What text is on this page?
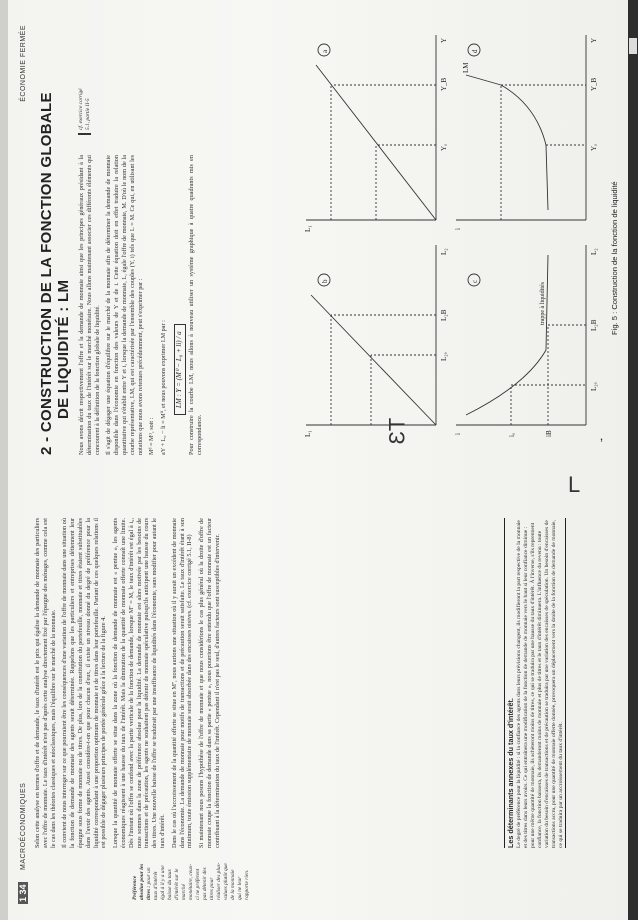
1 34
MACROÉCONOMIQUES
Préférence absolue pour les titres : pour un taux d'intérêt égal à il y a une baisse du taux d'intérêt sur le marché monétaire, ceux-ci ne préfèrent pas détenir des titres pour réaliser des plus-values plutôt que de la monnaie qui ne leur rapporte rien.

Selon cette analyse en termes d'offre et de demande, le taux d'intérêt est le prix qui égalise la demande de monnaie des particuliers avec l'offre de monnaie. Le taux d'intérêt n'est pas d'après cette analyse directement fixé par l'épargne des ménages, comme cela est le cas dans les théories classiques et néoclassiques, mais l'équilibre sur le marché de la monnaie. Il convient de nous interroger sur ce que pourraient être les conséquences d'une variation de l'offre de monnaie dans une situation où la fonction de demande de monnaie des agents serait déterminée. Rappelons que les particuliers et entreprises détiennent leur épargne sous forme de monnaie ou de titres. De plus, lors de la constitution du portefeuille, monnaie et titres étaient substituables dans l'avoir des agents. Aussi considère-t-on que pour chacun d'eux, il existe un niveau donné du degré de préférence pour la liquidité correspondant à une proportion optimum de monnaie et de titres dans leur portefeuille. Partant de ces quelques relations il est possible de dégager plusieurs principes de portée générale grâce à la lecture de la figure 4. Lorsque la quantité de monnaie offerte se situe dans la zone où la fonction de demande de monnaie est « pentue », les agents économiques réagissent à une hausse du taux de l'intérêt. Mais la diminution de la quantité de monnaie offerte connaît une limite. Dès l'instant où l'offre se confond avec la partie verticale de la fonction de demande, lorsque M'' = M, le taux d'intérêt est égal à i₀, nous sommes dans la zone de préférence absolue pour la liquidité. La demande de monnaie est alors motivée par les besoins de transactions et de précaution, les agents ne souhaitent pas détenir de monnaie spéculative puisqu'ils anticipent une hausse du cours des titres. Une nouvelle baisse de l'offre se traduirait par une insuffisance de liquidités dans l'économie, sans modifier pour autant le taux d'intérêt. Dans le cas où l'accroissement de la quantité offerte se situe en M'', nous aurions une situation où il y aurait un excédent de monnaie dans l'économie. La demande de monnaie pour motifs de transactions et de précaution serait satisfaite. Le taux d'intérêt étant à son minimum, toute émission supplémentaire de monnaie serait absorbée dans des encaisses oisives. (cf. exercice corrigé 5.1, II-8) Si maintenant nous posons l'hypothèse de l'offre de monnaie et que nous considérions le cas plus général où la droite d'offre de monnaie coupe la fonction de demande dans sa partie « pentue », nous pourrions être entendu que l'offre de monnaie est un facteur contribuant à la détermination du taux de l'intérêt. Cependant il n'est pas le seul, d'autres facteurs sont susceptibles d'intervenir.	Les déterminants annexes du taux d'intérêt. Le degré de préférence pour la liquidité : si la confiance des agents dans leurs prévisions changent, ils modifieront la part respective de la monnaie et des titres dans leurs avoirs. Ce qui entraînera une modification de la fonction de demande de monnaie vers le haut si leur confiance diminue : pour une même quantité de monnaie, ils achèteront moins de titres, ce qui se traduira par une hausse du taux d'intérêt. À l'inverse, s'ils reprennent confiance, la fonction baissera, ils demanderont moins de monnaie et plus de titres et le taux d'intérêt diminuera. L'influence du revenu : toute variation du besoin d'encaisses de transactions et de précaution se traduira par une variation des encaisses de spéculation. Un besoin d'encaisses de transactions accru, pour une quantité de monnaie offerte donnée, provoquera un déplacement vers la droite de la fonction de demande de monnaie, ce qui se traduira par un accroissement du taux d'intérêt.
ÉCONOMIE FERMÉE
2 - CONSTRUCTION DE LA FONCTION GLOBALE DE LIQUIDITÉ : LM Nous avons décrit respectivement l'offre et la demande de monnaie ainsi que les principes généraux présidant à la détermination du taux de l'intérêt sur le marché monétaire. Nous allons maintenant associer ces différents éléments qui concourent à la définition de la fonction globale de liquidité. Il s'agit de dégager une équation d'équilibre sur le marché de la monnaie afin de déterminer la demande de monnaie disponible dans l'économie en fonction des valeurs de Y et de i. Cette équation doit en effet traduire la relation quantitative qui s'établit entre Y et i, lorsque la demande de monnaie, L, égale l'offre de monnaie, M. D'où le nom de la courbe représentative, LM, qui est caractérisée par l'ensemble des couples (Y, i) tels que L = M. Ce qui, en utilisant les notations que nous avons retenues précédemment, peut s'exprimer par : Mᵈ = Mᴼ, soit : aY + L₀ − li = M⁰, et nous pouvons exprimer LM par : LM : Y = (M⁰ − L₀ + li) / a Pour construire la courbe LM, nous allons à nouveau utiliser un système graphique à quatre quadrants mis en correspondance.

cf. exercice corrigé 5.1, partie II-5
b
a
c
d
L₁
L₂
L₁
Y
i
L₂
i
Y
L₂ₐ
L₂B
Yₐ
Y_B
L₂ₐ
L₂B
iₐ	iB
Yₐ
Y_B
LM
trappe à liquidités	Fig. 5 : Construction de la fonction de liquidité
ƐT
L
ʼ
